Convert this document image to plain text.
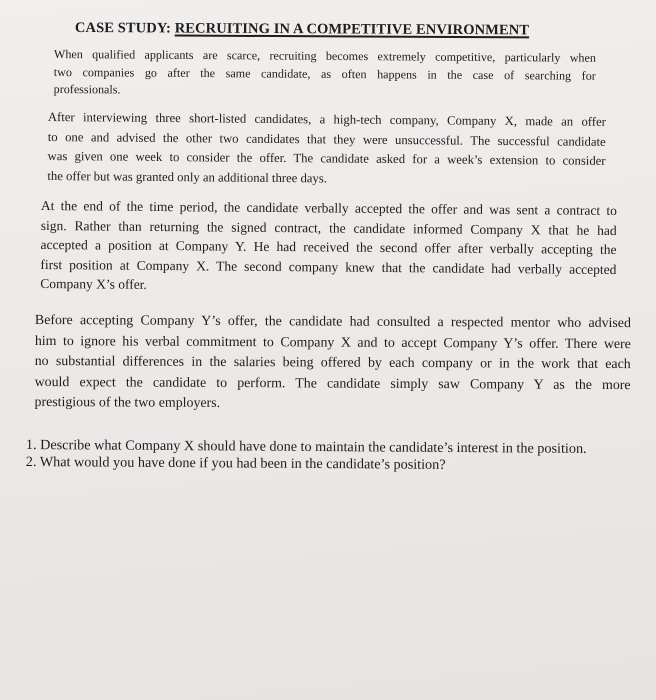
CASE STUDY: RECRUITING IN A COMPETITIVE ENVIRONMENT

When qualified applicants are scarce, recruiting becomes extremely competitive, particularly when
two companies go after the same candidate, as often happens in the case of searching for
professionals.

After interviewing three short-listed candidates, a high-tech company, Company X, made an offer
to one and advised the other two candidates that they were unsuccessful. The successful candidate
was given one week to consider the offer. The candidate asked for a week’s extension to consider
the offer but was granted only an additional three days.

At the end of the time period, the candidate verbally accepted the offer and was sent a contract to
sign. Rather than returning the signed contract, the candidate informed Company X that he had
accepted a position at Company Y. He had received the second offer after verbally accepting the
first position at Company X. The second company knew that the candidate had verbally accepted
Company X’s offer.

Before accepting Company Y’s offer, the candidate had consulted a respected mentor who advised
him to ignore his verbal commitment to Company X and to accept Company Y’s offer. There were
no substantial differences in the salaries being offered by each company or in the work that each
would expect the candidate to perform. The candidate simply saw Company Y as the more
prestigious of the two employers.

1. Describe what Company X should have done to maintain the candidate’s interest in the position.
2. What would you have done if you had been in the candidate’s position?
